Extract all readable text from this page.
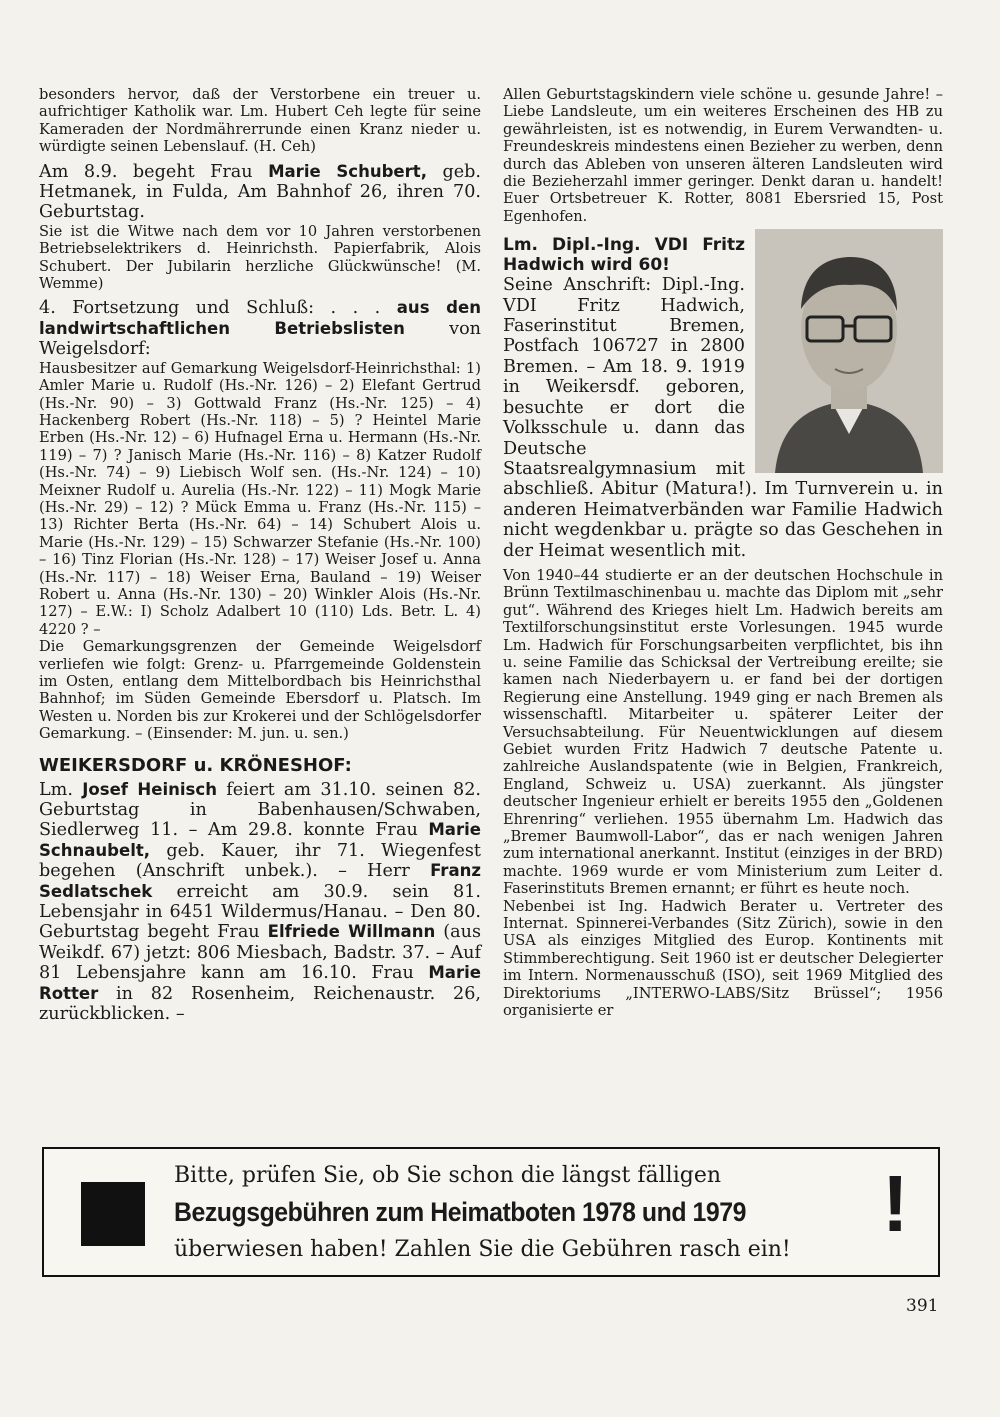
besonders hervor, daß der Verstorbene ein treuer u. aufrichtiger Katholik war. Lm. Hubert Ceh legte für seine Kameraden der Nordmährerrunde einen Kranz nieder u. würdigte seinen Lebenslauf. (H. Ceh)

Am 8.9. begeht Frau Marie Schubert, geb. Hetmanek, in Fulda, Am Bahnhof 26, ihren 70. Geburtstag.

Sie ist die Witwe nach dem vor 10 Jahren verstorbenen Betriebselektrikers d. Heinrichsth. Papierfabrik, Alois Schubert. Der Jubilarin herzliche Glückwünsche! (M. Wemme)

4. Fortsetzung und Schluß: . . . aus den landwirtschaftlichen Betriebslisten von Weigelsdorf:

Hausbesitzer auf Gemarkung Weigelsdorf-Heinrichsthal: 1) Amler Marie u. Rudolf (Hs.-Nr. 126) – 2) Elefant Gertrud (Hs.-Nr. 90) – 3) Gottwald Franz (Hs.-Nr. 125) – 4) Hackenberg Robert (Hs.-Nr. 118) – 5) ? Heintel Marie Erben (Hs.-Nr. 12) – 6) Hufnagel Erna u. Hermann (Hs.-Nr. 119) – 7) ? Janisch Marie (Hs.-Nr. 116) – 8) Katzer Rudolf (Hs.-Nr. 74) – 9) Liebisch Wolf sen. (Hs.-Nr. 124) – 10) Meixner Rudolf u. Aurelia (Hs.-Nr. 122) – 11) Mogk Marie (Hs.-Nr. 29) – 12) ? Mück Emma u. Franz (Hs.-Nr. 115) – 13) Richter Berta (Hs.-Nr. 64) – 14) Schubert Alois u. Marie (Hs.-Nr. 129) – 15) Schwarzer Stefanie (Hs.-Nr. 100) – 16) Tinz Florian (Hs.-Nr. 128) – 17) Weiser Josef u. Anna (Hs.-Nr. 117) – 18) Weiser Erna, Bauland – 19) Weiser Robert u. Anna (Hs.-Nr. 130) – 20) Winkler Alois (Hs.-Nr. 127) – E.W.: I) Scholz Adalbert 10 (110) Lds. Betr. L. 4) 4220 ? –

Die Gemarkungsgrenzen der Gemeinde Weigelsdorf verliefen wie folgt: Grenz- u. Pfarrgemeinde Goldenstein im Osten, entlang dem Mittelbordbach bis Heinrichsthal Bahnhof; im Süden Gemeinde Ebersdorf u. Platsch. Im Westen u. Norden bis zur Krokerei und der Schlögelsdorfer Gemarkung. – (Einsender: M. jun. u. sen.)

WEIKERSDORF u. KRÖNESHOF:

Lm. Josef Heinisch feiert am 31.10. seinen 82. Geburtstag in Babenhausen/Schwaben, Siedlerweg 11. – Am 29.8. konnte Frau Marie Schnaubelt, geb. Kauer, ihr 71. Wiegenfest begehen (Anschrift unbek.). – Herr Franz Sedlatschek erreicht am 30.9. sein 81. Lebensjahr in 6451 Wildermus/Hanau. – Den 80. Geburtstag begeht Frau Elfriede Willmann (aus Weikdf. 67) jetzt: 806 Miesbach, Badstr. 37. – Auf 81 Lebensjahre kann am 16.10. Frau Marie Rotter in 82 Rosenheim, Reichenaustr. 26, zurückblicken. –

Allen Geburtstagskindern viele schöne u. gesunde Jahre! – Liebe Landsleute, um ein weiteres Erscheinen des HB zu gewährleisten, ist es notwendig, in Eurem Verwandten- u. Freundeskreis mindestens einen Bezieher zu werben, denn durch das Ableben von unseren älteren Landsleuten wird die Bezieherzahl immer geringer. Denkt daran u. handelt! Euer Ortsbetreuer K. Rotter, 8081 Ebersried 15, Post Egenhofen.

Lm. Dipl.-Ing. VDI Fritz Hadwich wird 60!

Seine Anschrift: Dipl.-Ing. VDI Fritz Hadwich, Faserinstitut Bremen, Postfach 106727 in 2800 Bremen. – Am 18. 9. 1919 in Weikersdf. geboren, besuchte er dort die Volksschule u. dann das Deutsche Staatsrealgymnasium mit abschließ. Abitur (Matura!). Im Turnverein u. in anderen Heimatverbänden war Familie Hadwich nicht wegdenkbar u. prägte so das Geschehen in der Heimat wesentlich mit.

Von 1940–44 studierte er an der deutschen Hochschule in Brünn Textilmaschinenbau u. machte das Diplom mit „sehr gut“. Während des Krieges hielt Lm. Hadwich bereits am Textilforschungsinstitut erste Vorlesungen. 1945 wurde Lm. Hadwich für Forschungsarbeiten verpflichtet, bis ihn u. seine Familie das Schicksal der Vertreibung ereilte; sie kamen nach Niederbayern u. er fand bei der dortigen Regierung eine Anstellung. 1949 ging er nach Bremen als wissenschaftl. Mitarbeiter u. späterer Leiter der Versuchsabteilung. Für Neuentwicklungen auf diesem Gebiet wurden Fritz Hadwich 7 deutsche Patente u. zahlreiche Auslandspatente (wie in Belgien, Frankreich, England, Schweiz u. USA) zuerkannt. Als jüngster deutscher Ingenieur erhielt er bereits 1955 den „Goldenen Ehrenring“ verliehen. 1955 übernahm Lm. Hadwich das „Bremer Baumwoll-Labor“, das er nach wenigen Jahren zum international anerkannt. Institut (einziges in der BRD) machte. 1969 wurde er vom Ministerium zum Leiter d. Faserinstituts Bremen ernannt; er führt es heute noch.

Nebenbei ist Ing. Hadwich Berater u. Vertreter des Internat. Spinnerei-Verbandes (Sitz Zürich), sowie in den USA als einziges Mitglied des Europ. Kontinents mit Stimmberechtigung. Seit 1960 ist er deutscher Delegierter im Intern. Normenausschuß (ISO), seit 1969 Mitglied des Direktoriums „INTERWO-LABS/Sitz Brüssel“; 1956 organisierte er

Bitte, prüfen Sie, ob Sie schon die längst fälligen
Bezugsgebühren zum Heimatboten 1978 und 1979
überwiesen haben! Zahlen Sie die Gebühren rasch ein!
!
391
